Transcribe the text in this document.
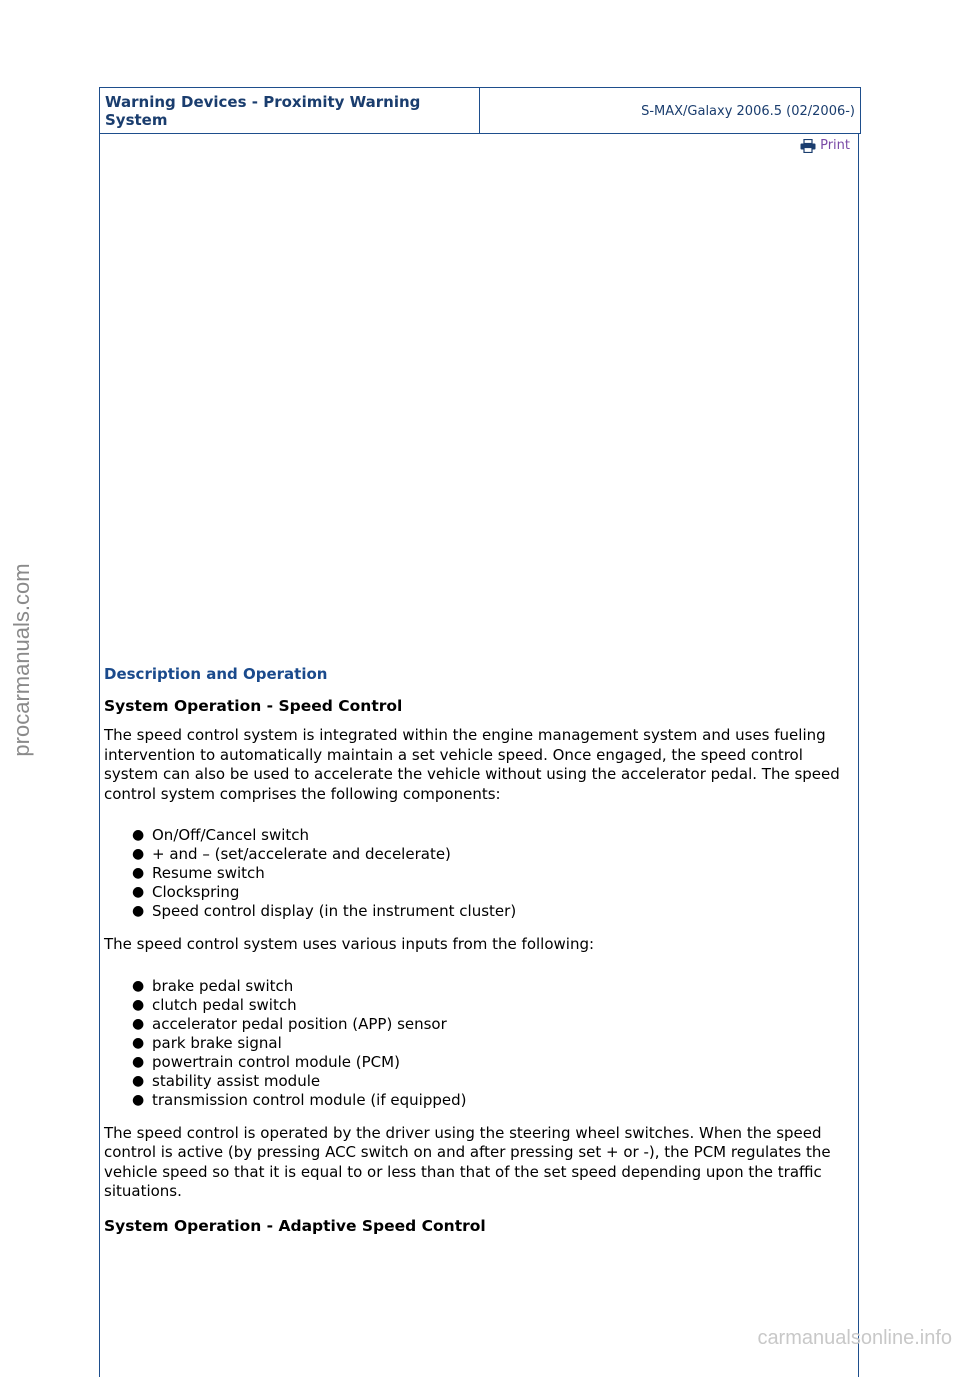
procarmanuals.com
Warning Devices - Proximity Warning System	S-MAX/Galaxy 2006.5 (02/2006-)
Print
Description and Operation
System Operation - Speed Control

The speed control system is integrated within the engine management system and uses fueling intervention to automatically maintain a set vehicle speed. Once engaged, the speed control system can also be used to accelerate the vehicle without using the accelerator pedal. The speed control system comprises the following components:

● On/Off/Cancel switch
● + and – (set/accelerate and decelerate)
● Resume switch
● Clockspring
● Speed control display (in the instrument cluster)

The speed control system uses various inputs from the following:

● brake pedal switch
● clutch pedal switch
● accelerator pedal position (APP) sensor
● park brake signal
● powertrain control module (PCM)
● stability assist module
● transmission control module (if equipped)

The speed control is operated by the driver using the steering wheel switches. When the speed control is active (by pressing ACC switch on and after pressing set + or -), the PCM regulates the vehicle speed so that it is equal to or less than that of the set speed depending upon the traffic situations.

System Operation - Adaptive Speed Control
carmanualsonline.info
